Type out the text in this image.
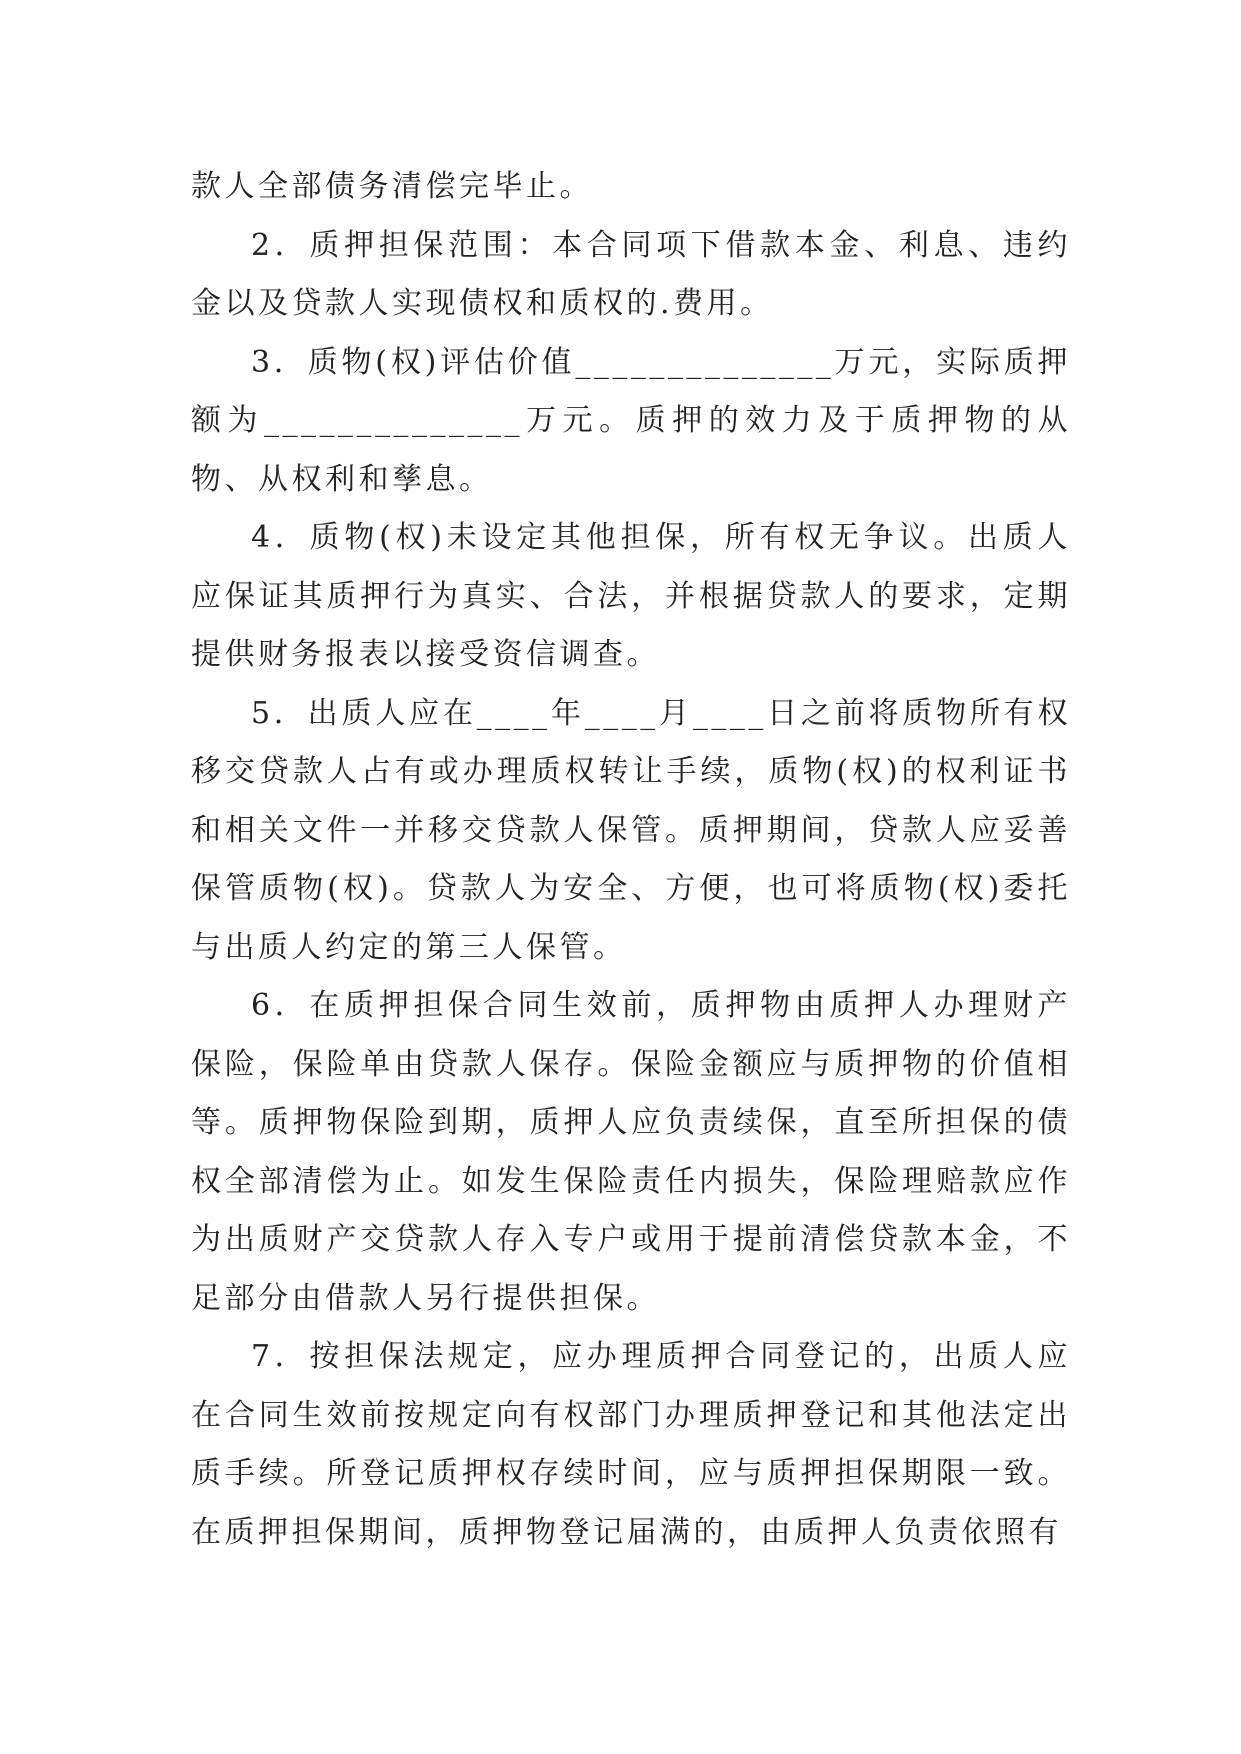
款人全部债务清偿完毕止。

2．质押担保范围：本合同项下借款本金、利息、违约金以及贷款人实现债权和质权的.费用。

3．质物(权)评估价值______________万元，实际质押额为______________万元。质押的效力及于质押物的从物、从权利和孳息。

4．质物(权)未设定其他担保，所有权无争议。出质人应保证其质押行为真实、合法，并根据贷款人的要求，定期提供财务报表以接受资信调查。

5．出质人应在____年____月____日之前将质物所有权移交贷款人占有或办理质权转让手续，质物(权)的权利证书和相关文件一并移交贷款人保管。质押期间，贷款人应妥善保管质物(权)。贷款人为安全、方便，也可将质物(权)委托与出质人约定的第三人保管。

6．在质押担保合同生效前，质押物由质押人办理财产保险，保险单由贷款人保存。保险金额应与质押物的价值相等。质押物保险到期，质押人应负责续保，直至所担保的债权全部清偿为止。如发生保险责任内损失，保险理赔款应作为出质财产交贷款人存入专户或用于提前清偿贷款本金，不足部分由借款人另行提供担保。

7．按担保法规定，应办理质押合同登记的，出质人应在合同生效前按规定向有权部门办理质押登记和其他法定出质手续。所登记质押权存续时间，应与质押担保期限一致。在质押担保期间，质押物登记届满的，由质押人负责依照有
